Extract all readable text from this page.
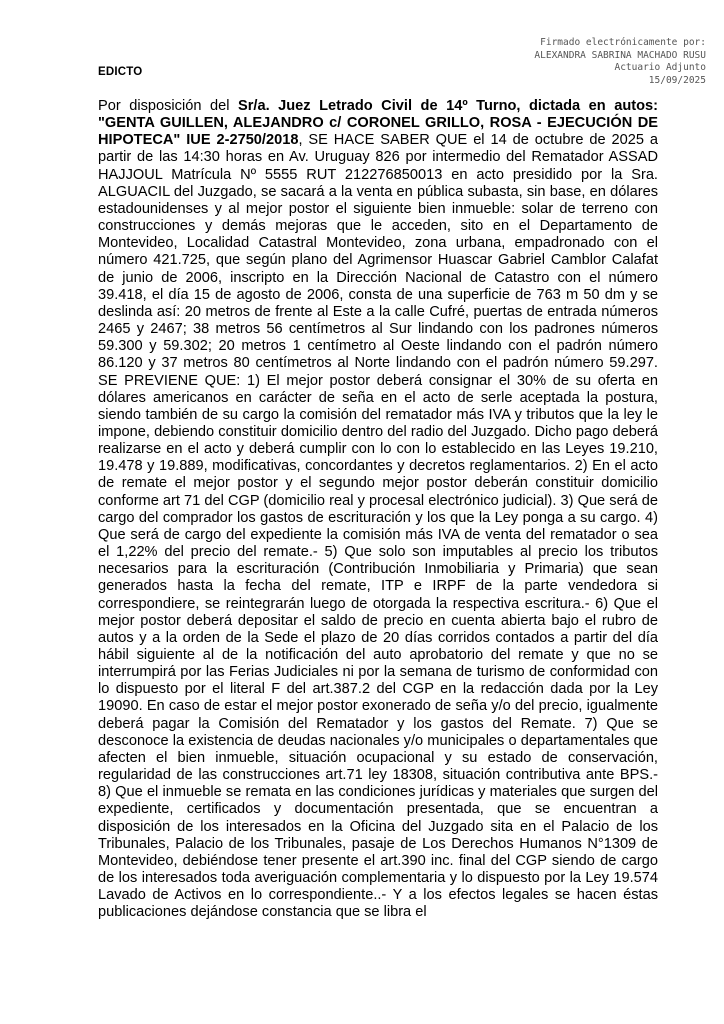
Firmado electrónicamente por:
ALEXANDRA SABRINA MACHADO RUSU
Actuario Adjunto
15/09/2025
EDICTO
Por disposición del Sr/a. Juez Letrado Civil de 14º Turno, dictada en autos: "GENTA GUILLEN, ALEJANDRO c/ CORONEL GRILLO, ROSA - EJECUCIÓN DE HIPOTECA" IUE 2-2750/2018, SE HACE SABER QUE el 14 de octubre de 2025 a partir de las 14:30 horas en Av. Uruguay 826 por intermedio del Rematador ASSAD HAJJOUL Matrícula Nº 5555 RUT 212276850013 en acto presidido por la Sra. ALGUACIL del Juzgado, se sacará a la venta en pública subasta, sin base, en dólares estadounidenses y al mejor postor el siguiente bien inmueble: solar de terreno con construcciones y demás mejoras que le acceden, sito en el Departamento de Montevideo, Localidad Catastral Montevideo, zona urbana, empadronado con el número 421.725, que según plano del Agrimensor Huascar Gabriel Camblor Calafat de junio de 2006, inscripto en la Dirección Nacional de Catastro con el número 39.418, el día 15 de agosto de 2006, consta de una superficie de 763 m 50 dm y se deslinda así: 20 metros de frente al Este a la calle Cufré, puertas de entrada números 2465 y 2467; 38 metros 56 centímetros al Sur lindando con los padrones números 59.300 y 59.302; 20 metros 1 centímetro al Oeste lindando con el padrón número 86.120 y 37 metros 80 centímetros al Norte lindando con el padrón número 59.297. SE PREVIENE QUE: 1) El mejor postor deberá consignar el 30% de su oferta en dólares americanos en carácter de seña en el acto de serle aceptada la postura, siendo también de su cargo la comisión del rematador más IVA y tributos que la ley le impone, debiendo constituir domicilio dentro del radio del Juzgado. Dicho pago deberá realizarse en el acto y deberá cumplir con lo con lo establecido en las Leyes 19.210, 19.478 y 19.889, modificativas, concordantes y decretos reglamentarios. 2) En el acto de remate el mejor postor y el segundo mejor postor deberán constituir domicilio conforme art 71 del CGP (domicilio real y procesal electrónico judicial). 3) Que será de cargo del comprador los gastos de escrituración y los que la Ley ponga a su cargo. 4) Que será de cargo del expediente la comisión más IVA de venta del rematador o sea el 1,22% del precio del remate.- 5) Que solo son imputables al precio los tributos necesarios para la escrituración (Contribución Inmobiliaria y Primaria) que sean generados hasta la fecha del remate, ITP e IRPF de la parte vendedora si correspondiere, se reintegrarán luego de otorgada la respectiva escritura.- 6) Que el mejor postor deberá depositar el saldo de precio en cuenta abierta bajo el rubro de autos y a la orden de la Sede el plazo de 20 días corridos contados a partir del día hábil siguiente al de la notificación del auto aprobatorio del remate y que no se interrumpirá por las Ferias Judiciales ni por la semana de turismo de conformidad con lo dispuesto por el literal F del art.387.2 del CGP en la redacción dada por la Ley 19090. En caso de estar el mejor postor exonerado de seña y/o del precio, igualmente deberá pagar la Comisión del Rematador y los gastos del Remate. 7) Que se desconoce la existencia de deudas nacionales y/o municipales o departamentales que afecten el bien inmueble, situación ocupacional y su estado de conservación, regularidad de las construcciones art.71 ley 18308, situación contributiva ante BPS.- 8) Que el inmueble se remata en las condiciones jurídicas y materiales que surgen del expediente, certificados y documentación presentada, que se encuentran a disposición de los interesados en la Oficina del Juzgado sita en el Palacio de los Tribunales, Palacio de los Tribunales, pasaje de Los Derechos Humanos N°1309 de Montevideo, debiéndose tener presente el art.390 inc. final del CGP siendo de cargo de los interesados toda averiguación complementaria y lo dispuesto por la Ley 19.574 Lavado de Activos en lo correspondiente..- Y a los efectos legales se hacen éstas publicaciones dejándose constancia que se libra el
